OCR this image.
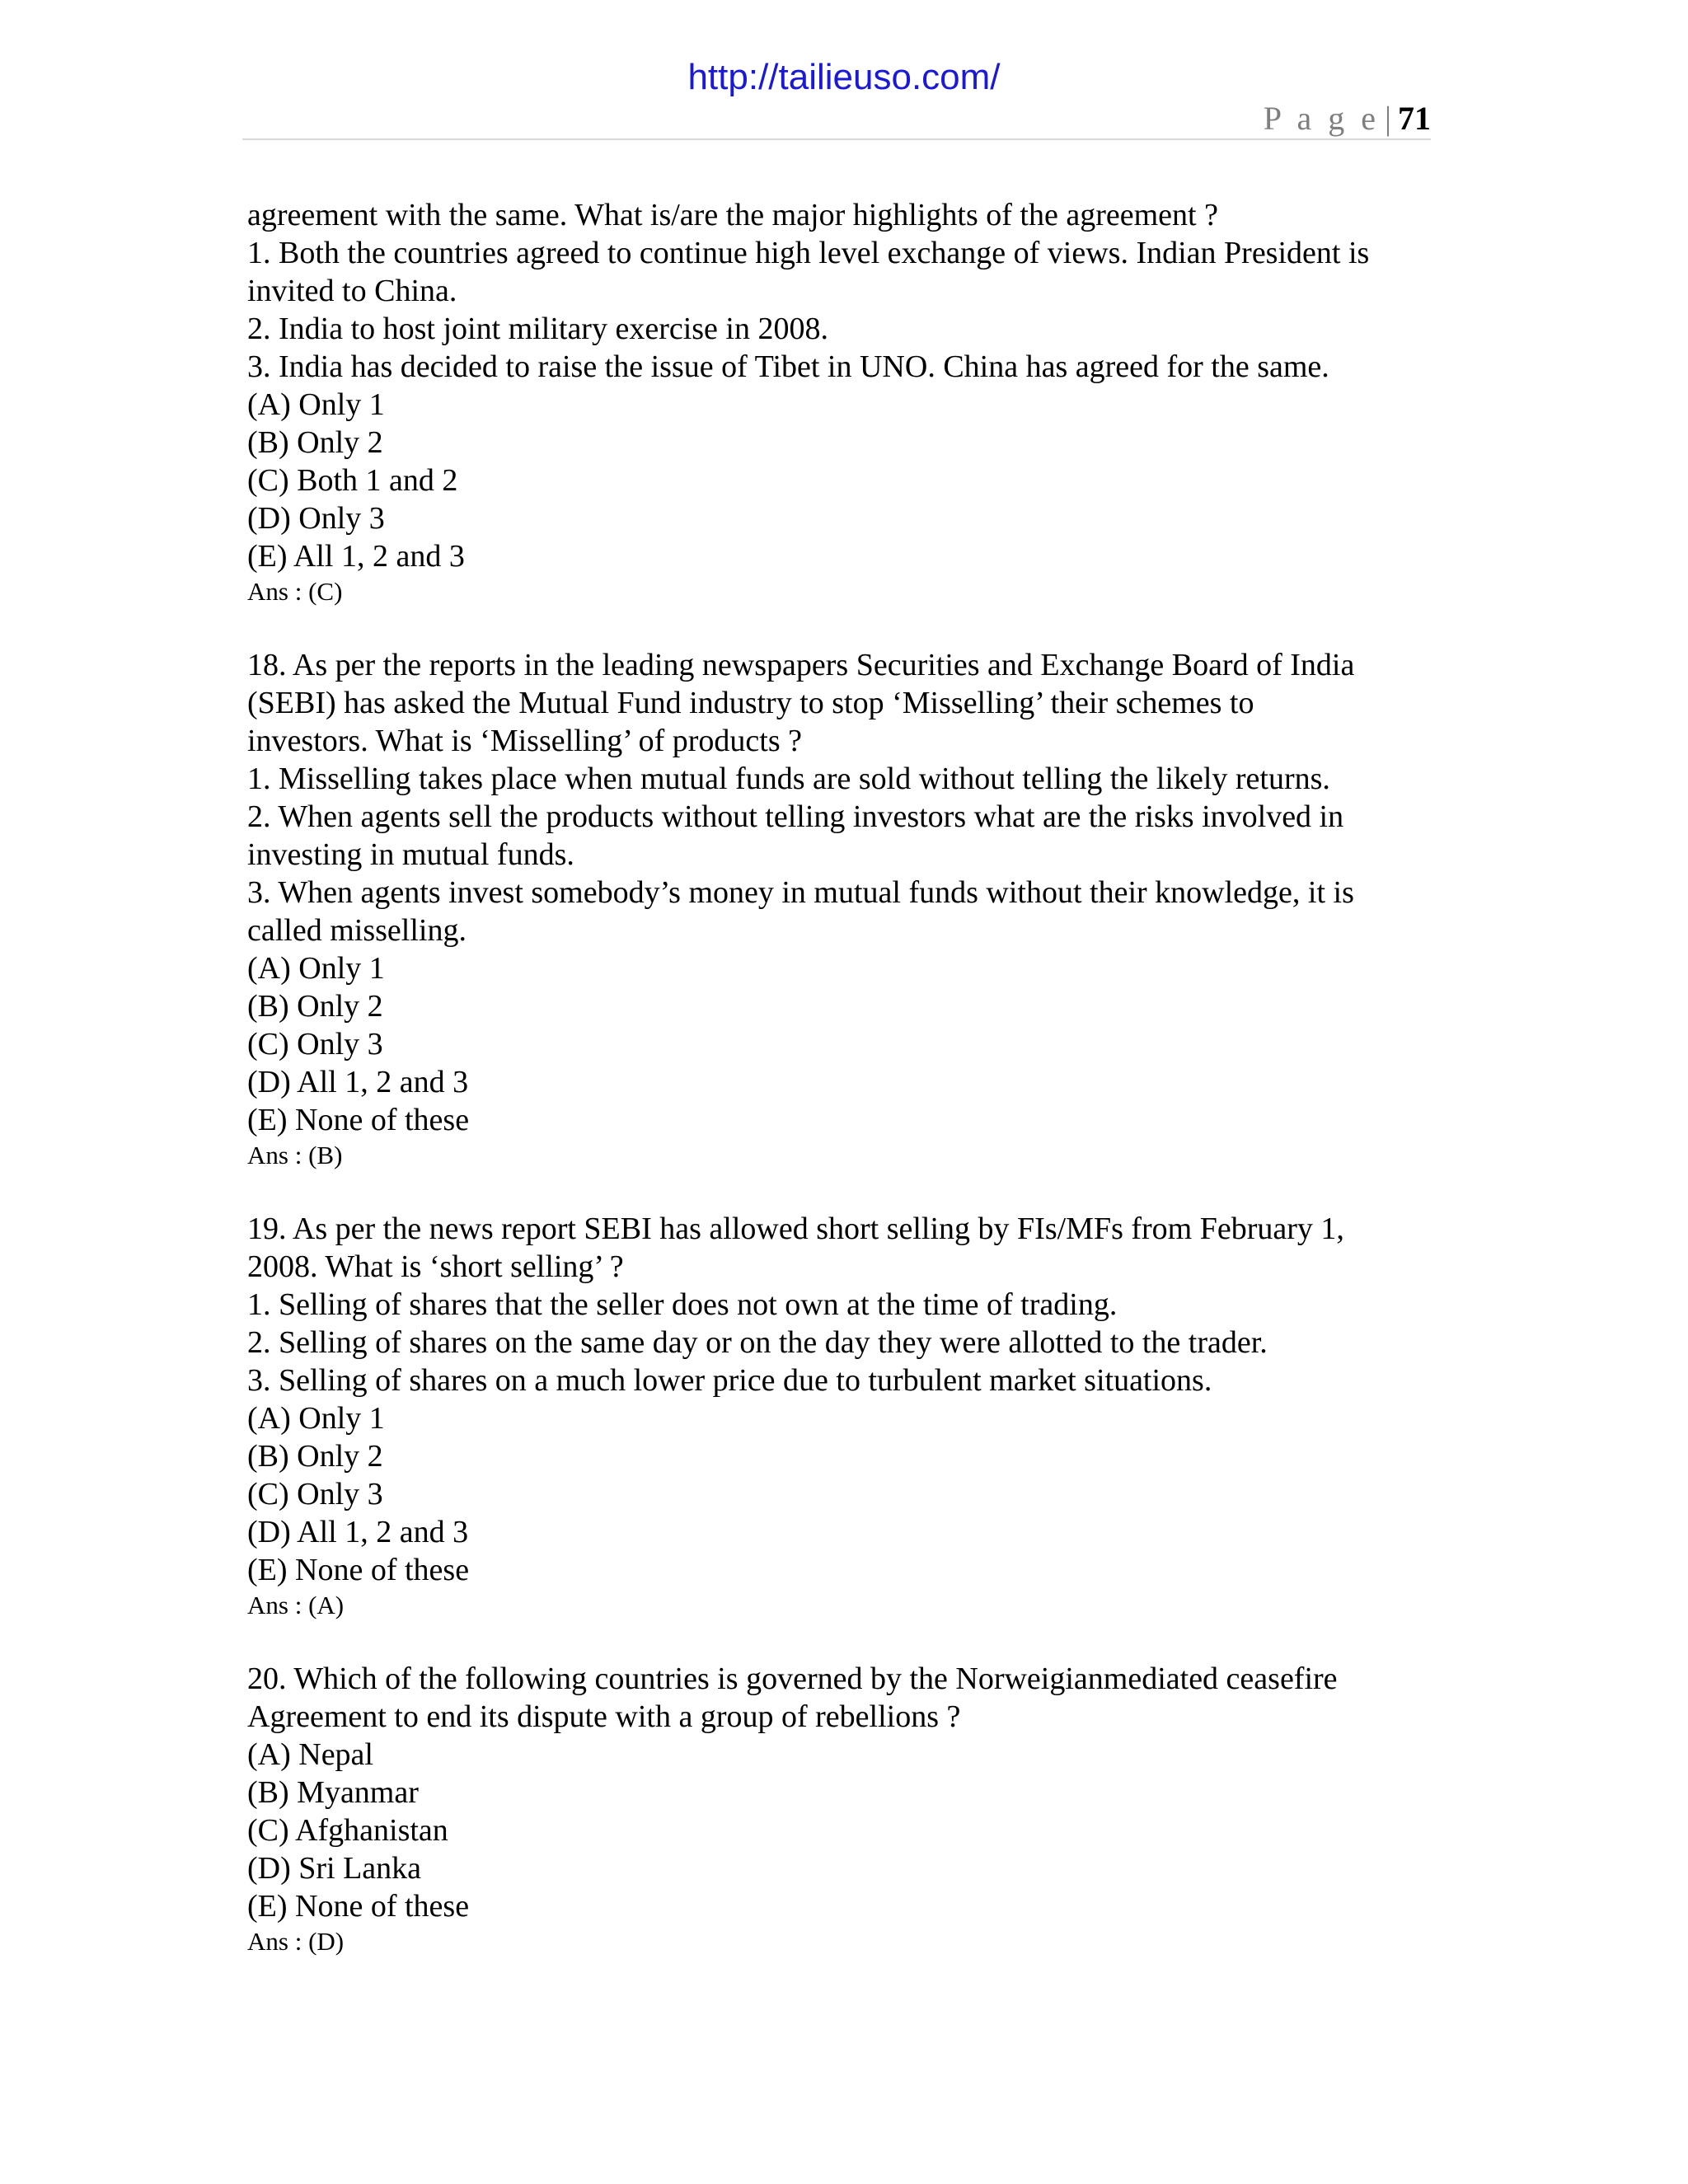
http://tailieuso.com/
P a g e | 71
agreement with the same. What is/are the major highlights of the agreement ?
1. Both the countries agreed to continue high level exchange of views. Indian President is
invited to China.
2. India to host joint military exercise in 2008.
3. India has decided to raise the issue of Tibet in UNO. China has agreed for the same.
(A) Only 1
(B) Only 2
(C) Both 1 and 2
(D) Only 3
(E) All 1, 2 and 3
Ans : (C)
18. As per the reports in the leading newspapers Securities and Exchange Board of India
(SEBI) has asked the Mutual Fund industry to stop ‘Misselling’ their schemes to
investors. What is ‘Misselling’ of products ?
1. Misselling takes place when mutual funds are sold without telling the likely returns.
2. When agents sell the products without telling investors what are the risks involved in
investing in mutual funds.
3. When agents invest somebody’s money in mutual funds without their knowledge, it is
called misselling.
(A) Only 1
(B) Only 2
(C) Only 3
(D) All 1, 2 and 3
(E) None of these
Ans : (B)
19. As per the news report SEBI has allowed short selling by FIs/MFs from February 1,
2008. What is ‘short selling’ ?
1. Selling of shares that the seller does not own at the time of trading.
2. Selling of shares on the same day or on the day they were allotted to the trader.
3. Selling of shares on a much lower price due to turbulent market situations.
(A) Only 1
(B) Only 2
(C) Only 3
(D) All 1, 2 and 3
(E) None of these
Ans : (A)
20. Which of the following countries is governed by the Norweigianmediated ceasefire
Agreement to end its dispute with a group of rebellions ?
(A) Nepal
(B) Myanmar
(C) Afghanistan
(D) Sri Lanka
(E) None of these
Ans : (D)
